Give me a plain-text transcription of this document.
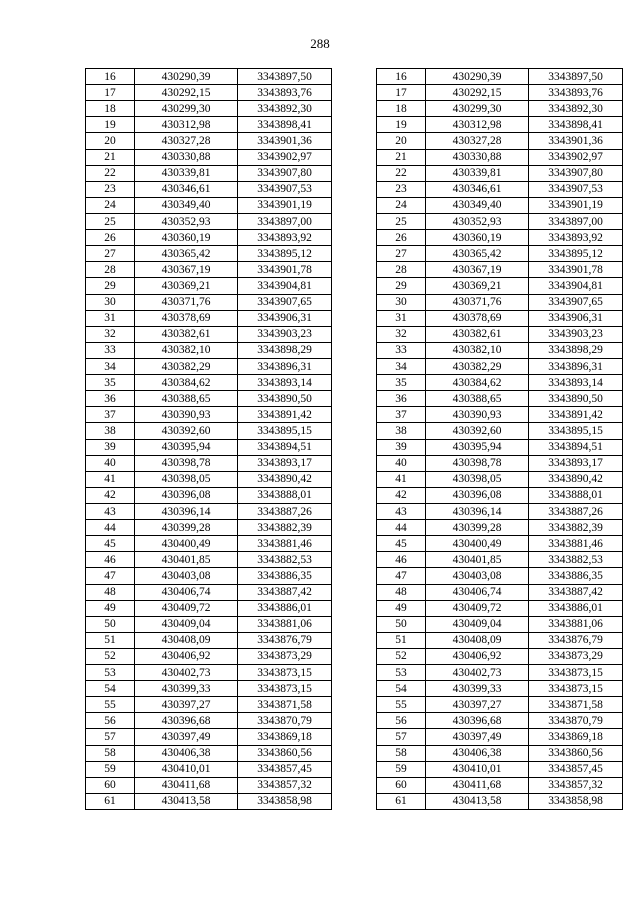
288
16	430290,39	3343897,50
17	430292,15	3343893,76
18	430299,30	3343892,30
19	430312,98	3343898,41
20	430327,28	3343901,36
21	430330,88	3343902,97
22	430339,81	3343907,80
23	430346,61	3343907,53
24	430349,40	3343901,19
25	430352,93	3343897,00
26	430360,19	3343893,92
27	430365,42	3343895,12
28	430367,19	3343901,78
29	430369,21	3343904,81
30	430371,76	3343907,65
31	430378,69	3343906,31
32	430382,61	3343903,23
33	430382,10	3343898,29
34	430382,29	3343896,31
35	430384,62	3343893,14
36	430388,65	3343890,50
37	430390,93	3343891,42
38	430392,60	3343895,15
39	430395,94	3343894,51
40	430398,78	3343893,17
41	430398,05	3343890,42
42	430396,08	3343888,01
43	430396,14	3343887,26
44	430399,28	3343882,39
45	430400,49	3343881,46
46	430401,85	3343882,53
47	430403,08	3343886,35
48	430406,74	3343887,42
49	430409,72	3343886,01
50	430409,04	3343881,06
51	430408,09	3343876,79
52	430406,92	3343873,29
53	430402,73	3343873,15
54	430399,33	3343873,15
55	430397,27	3343871,58
56	430396,68	3343870,79
57	430397,49	3343869,18
58	430406,38	3343860,56
59	430410,01	3343857,45
60	430411,68	3343857,32
61	430413,58	3343858,98
16	430290,39	3343897,50
17	430292,15	3343893,76
18	430299,30	3343892,30
19	430312,98	3343898,41
20	430327,28	3343901,36
21	430330,88	3343902,97
22	430339,81	3343907,80
23	430346,61	3343907,53
24	430349,40	3343901,19
25	430352,93	3343897,00
26	430360,19	3343893,92
27	430365,42	3343895,12
28	430367,19	3343901,78
29	430369,21	3343904,81
30	430371,76	3343907,65
31	430378,69	3343906,31
32	430382,61	3343903,23
33	430382,10	3343898,29
34	430382,29	3343896,31
35	430384,62	3343893,14
36	430388,65	3343890,50
37	430390,93	3343891,42
38	430392,60	3343895,15
39	430395,94	3343894,51
40	430398,78	3343893,17
41	430398,05	3343890,42
42	430396,08	3343888,01
43	430396,14	3343887,26
44	430399,28	3343882,39
45	430400,49	3343881,46
46	430401,85	3343882,53
47	430403,08	3343886,35
48	430406,74	3343887,42
49	430409,72	3343886,01
50	430409,04	3343881,06
51	430408,09	3343876,79
52	430406,92	3343873,29
53	430402,73	3343873,15
54	430399,33	3343873,15
55	430397,27	3343871,58
56	430396,68	3343870,79
57	430397,49	3343869,18
58	430406,38	3343860,56
59	430410,01	3343857,45
60	430411,68	3343857,32
61	430413,58	3343858,98
